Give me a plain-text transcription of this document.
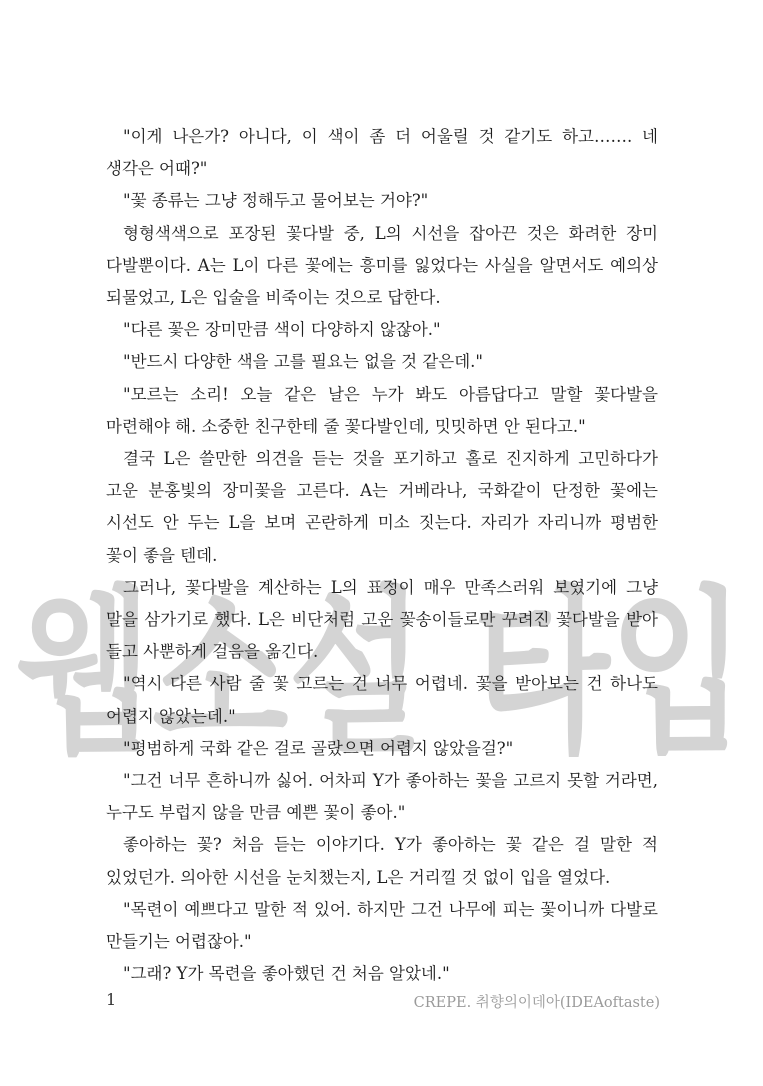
웹소설 타입

"이게 나은가? 아니다, 이 색이 좀 더 어울릴 것 같기도 하고……. 네 생각은 어때?"

"꽃 종류는 그냥 정해두고 물어보는 거야?"

형형색색으로 포장된 꽃다발 중, L의 시선을 잡아끈 것은 화려한 장미 다발뿐이다. A는 L이 다른 꽃에는 흥미를 잃었다는 사실을 알면서도 예의상 되물었고, L은 입술을 비죽이는 것으로 답한다.

"다른 꽃은 장미만큼 색이 다양하지 않잖아."

"반드시 다양한 색을 고를 필요는 없을 것 같은데."

"모르는 소리! 오늘 같은 날은 누가 봐도 아름답다고 말할 꽃다발을 마련해야 해. 소중한 친구한테 줄 꽃다발인데, 밋밋하면 안 된다고."

결국 L은 쓸만한 의견을 듣는 것을 포기하고 홀로 진지하게 고민하다가 고운 분홍빛의 장미꽃을 고른다. A는 거베라나, 국화같이 단정한 꽃에는 시선도 안 두는 L을 보며 곤란하게 미소 짓는다. 자리가 자리니까 평범한 꽃이 좋을 텐데.

그러나, 꽃다발을 계산하는 L의 표정이 매우 만족스러워 보였기에 그냥 말을 삼가기로 했다. L은 비단처럼 고운 꽃송이들로만 꾸려진 꽃다발을 받아 들고 사뿐하게 걸음을 옮긴다.

"역시 다른 사람 줄 꽃 고르는 건 너무 어렵네. 꽃을 받아보는 건 하나도 어렵지 않았는데."

"평범하게 국화 같은 걸로 골랐으면 어렵지 않았을걸?"

"그건 너무 흔하니까 싫어. 어차피 Y가 좋아하는 꽃을 고르지 못할 거라면, 누구도 부럽지 않을 만큼 예쁜 꽃이 좋아."

좋아하는 꽃? 처음 듣는 이야기다. Y가 좋아하는 꽃 같은 걸 말한 적 있었던가. 의아한 시선을 눈치챘는지, L은 거리낄 것 없이 입을 열었다.

"목련이 예쁘다고 말한 적 있어. 하지만 그건 나무에 피는 꽃이니까 다발로 만들기는 어렵잖아."

"그래? Y가 목련을 좋아했던 건 처음 알았네."

1	CREPE. 취향의이데아(IDEAoftaste)
